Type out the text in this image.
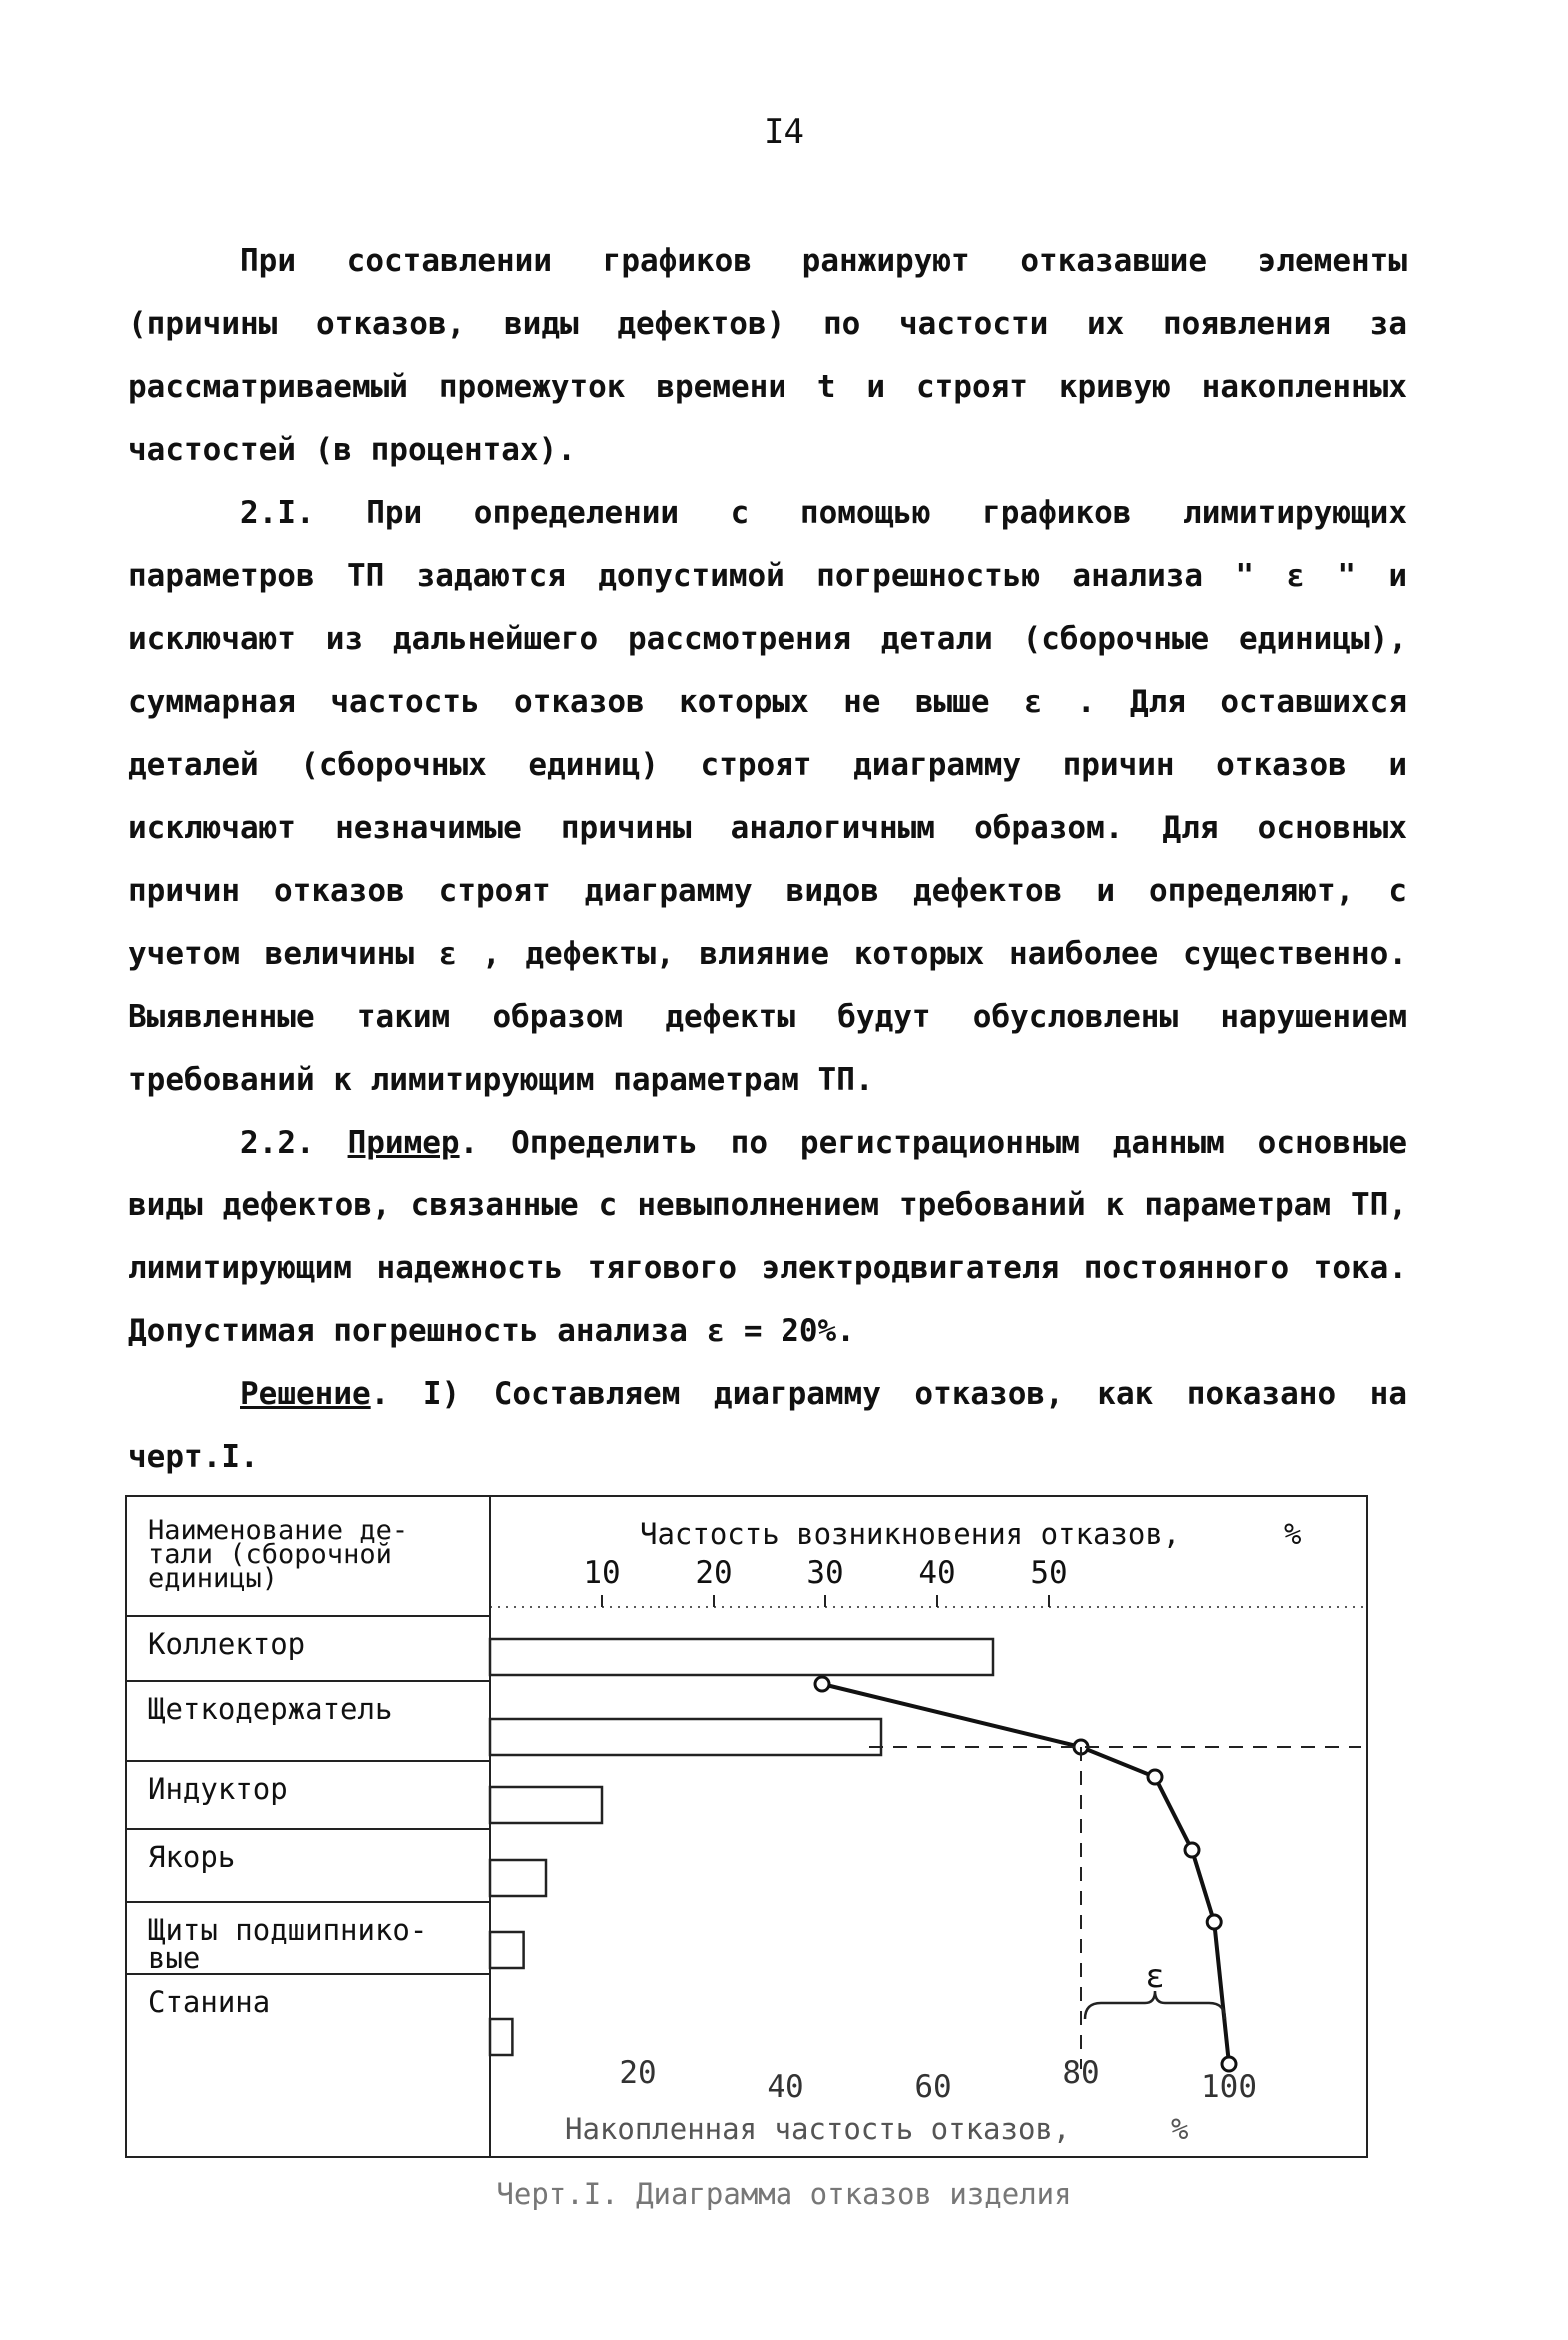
I4

При составлении графиков ранжируют отказавшие элементы (причины отказов, виды дефектов) по частости их появления за рассматриваемый промежуток времени t и строят кривую накопленных частостей (в процентах).

2.I. При определении с помощью графиков лимитирующих параметров ТП задаются допустимой погрешностью анализа " ε " и исключают из дальнейшего рассмотрения детали (сборочные единицы), суммарная частость отказов которых не выше ε . Для оставшихся деталей (сборочных единиц) строят диаграмму причин отказов и исключают незначимые причины аналогичным образом. Для основных причин отказов строят диаграмму видов дефектов и определяют, с учетом величины ε , дефекты, влияние которых наиболее существенно. Выявленные таким образом дефекты будут обусловлены нарушением требований к лимитирующим параметрам ТП.

2.2. Пример. Определить по регистрационным данным основные виды дефектов, связанные с невыполнением требований к параметрам ТП, лимитирующим надежность тягового электродвигателя постоянного тока. Допустимая погрешность анализа ε = 20%.

Решение. I) Составляем диаграмму отказов, как показано на черт.I.

Наименование де-
тали (сборочной
единицы)
Частость возникновения отказов,	%
10 20 30 40 50
Коллектор
Щеткодержатель
Индуктор
Якорь
Щиты подшипнико-
вые
Станина
ε
20	40	60	80	100
Накопленная частость отказов,	%
Черт.I. Диаграмма отказов изделия
